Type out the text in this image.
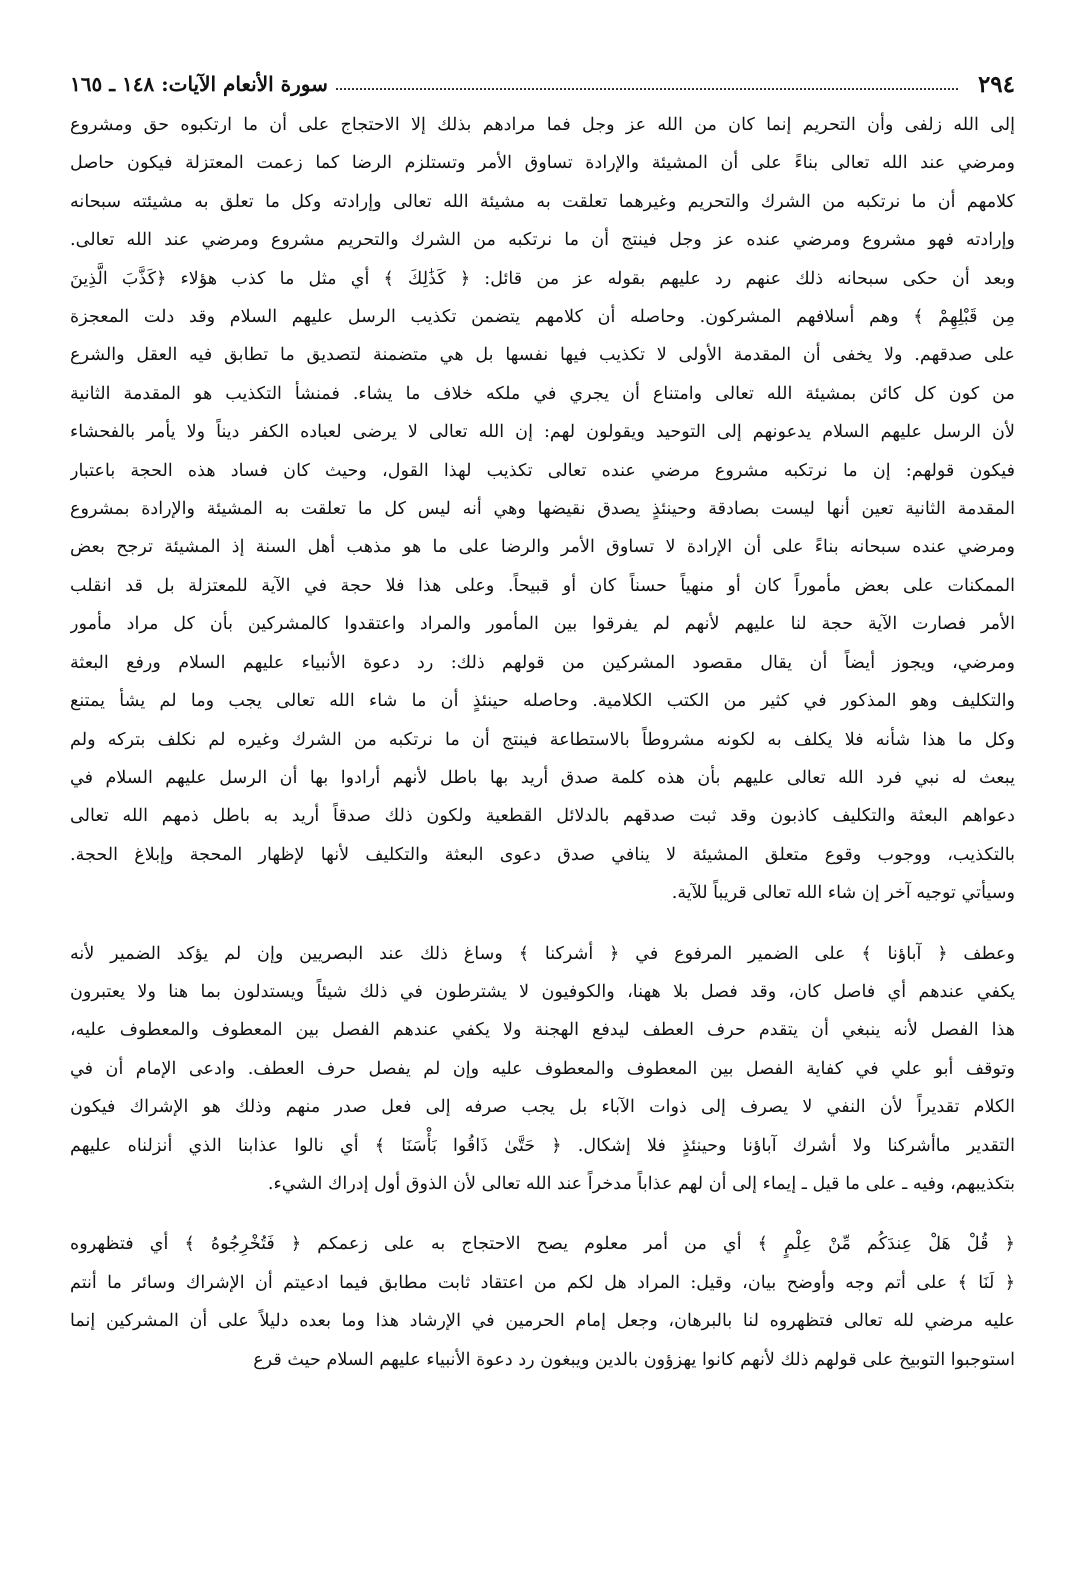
٢٩٤
سورة الأنعام الآيات: ١٤٨ ـ ١٦٥

إلى الله زلفى وأن التحريم إنما كان من الله عز وجل فما مرادهم بذلك إلا الاحتجاج على أن ما ارتكبوه حق ومشروع
ومرضي عند الله تعالى بناءً على أن المشيئة والإرادة تساوق الأمر وتستلزم الرضا كما زعمت المعتزلة فيكون حاصل
كلامهم أن ما نرتكبه من الشرك والتحريم وغيرهما تعلقت به مشيئة الله تعالى وإرادته وكل ما تعلق به مشيئته سبحانه
وإرادته فهو مشروع ومرضي عنده عز وجل فينتج أن ما نرتكبه من الشرك والتحريم مشروع ومرضي عند الله تعالى.
وبعد أن حكى سبحانه ذلك عنهم رد عليهم بقوله عز من قائل: ﴿ كَذَٰلِكَ ﴾ أي مثل ما كذب هؤلاء ﴿كَذَّبَ الَّذِينَ
مِن قَبْلِهِمْ ﴾ وهم أسلافهم المشركون. وحاصله أن كلامهم يتضمن تكذيب الرسل عليهم السلام وقد دلت المعجزة
على صدقهم. ولا يخفى أن المقدمة الأولى لا تكذيب فيها نفسها بل هي متضمنة لتصديق ما تطابق فيه العقل والشرع
من كون كل كائن بمشيئة الله تعالى وامتناع أن يجري في ملكه خلاف ما يشاء. فمنشأ التكذيب هو المقدمة الثانية
لأن الرسل عليهم السلام يدعونهم إلى التوحيد ويقولون لهم: إن الله تعالى لا يرضى لعباده الكفر ديناً ولا يأمر بالفحشاء
فيكون قولهم: إن ما نرتكبه مشروع مرضي عنده تعالى تكذيب لهذا القول، وحيث كان فساد هذه الحجة باعتبار
المقدمة الثانية تعين أنها ليست بصادقة وحينئذٍ يصدق نقيضها وهي أنه ليس كل ما تعلقت به المشيئة والإرادة بمشروع
ومرضي عنده سبحانه بناءً على أن الإرادة لا تساوق الأمر والرضا على ما هو مذهب أهل السنة إذ المشيئة ترجح بعض
الممكنات على بعض مأموراً كان أو منهياً حسناً كان أو قبيحاً. وعلى هذا فلا حجة في الآية للمعتزلة بل قد انقلب
الأمر فصارت الآية حجة لنا عليهم لأنهم لم يفرقوا بين المأمور والمراد واعتقدوا كالمشركين بأن كل مراد مأمور
ومرضي، ويجوز أيضاً أن يقال مقصود المشركين من قولهم ذلك: رد دعوة الأنبياء عليهم السلام ورفع البعثة
والتكليف وهو المذكور في كثير من الكتب الكلامية. وحاصله حينئذٍ أن ما شاء الله تعالى يجب وما لم يشأ يمتنع
وكل ما هذا شأنه فلا يكلف به لكونه مشروطاً بالاستطاعة فينتج أن ما نرتكبه من الشرك وغيره لم نكلف بتركه ولم
يبعث له نبي فرد الله تعالى عليهم بأن هذه كلمة صدق أريد بها باطل لأنهم أرادوا بها أن الرسل عليهم السلام في
دعواهم البعثة والتكليف كاذبون وقد ثبت صدقهم بالدلائل القطعية ولكون ذلك صدقاً أريد به باطل ذمهم الله تعالى
بالتكذيب، ووجوب وقوع متعلق المشيئة لا ينافي صدق دعوى البعثة والتكليف لأنها لإظهار المحجة وإبلاغ الحجة.
وسيأتي توجيه آخر إن شاء الله تعالى قريباً للآية.

وعطف ﴿ آباؤنا ﴾ على الضمير المرفوع في ﴿ أشركنا ﴾ وساغ ذلك عند البصريين وإن لم يؤكد الضمير لأنه
يكفي عندهم أي فاصل كان، وقد فصل بلا ههنا، والكوفيون لا يشترطون في ذلك شيئاً ويستدلون بما هنا ولا يعتبرون
هذا الفصل لأنه ينبغي أن يتقدم حرف العطف ليدفع الهجنة ولا يكفي عندهم الفصل بين المعطوف والمعطوف عليه،
وتوقف أبو علي في كفاية الفصل بين المعطوف والمعطوف عليه وإن لم يفصل حرف العطف. وادعى الإمام أن في
الكلام تقديراً لأن النفي لا يصرف إلى ذوات الآباء بل يجب صرفه إلى فعل صدر منهم وذلك هو الإشراك فيكون
التقدير ماأشركنا ولا أشرك آباؤنا وحينئذٍ فلا إشكال. ﴿ حَتَّىٰ ذَاقُوا بَأْسَنَا ﴾ أي نالوا عذابنا الذي أنزلناه عليهم
بتكذيبهم، وفيه ـ على ما قيل ـ إيماء إلى أن لهم عذاباً مدخراً عند الله تعالى لأن الذوق أول إدراك الشيء.

﴿ قُلْ هَلْ عِندَكُم مِّنْ عِلْمٍ ﴾ أي من أمر معلوم يصح الاحتجاج به على زعمكم ﴿ فَتُخْرِجُوهُ ﴾ أي فتظهروه
﴿ لَنَا ﴾ على أتم وجه وأوضح بيان، وقيل: المراد هل لكم من اعتقاد ثابت مطابق فيما ادعيتم أن الإشراك وسائر ما أنتم
عليه مرضي لله تعالى فتظهروه لنا بالبرهان، وجعل إمام الحرمين في الإرشاد هذا وما بعده دليلاً على أن المشركين إنما
استوجبوا التوبيخ على قولهم ذلك لأنهم كانوا يهزؤون بالدين ويبغون رد دعوة الأنبياء عليهم السلام حيث قرع
